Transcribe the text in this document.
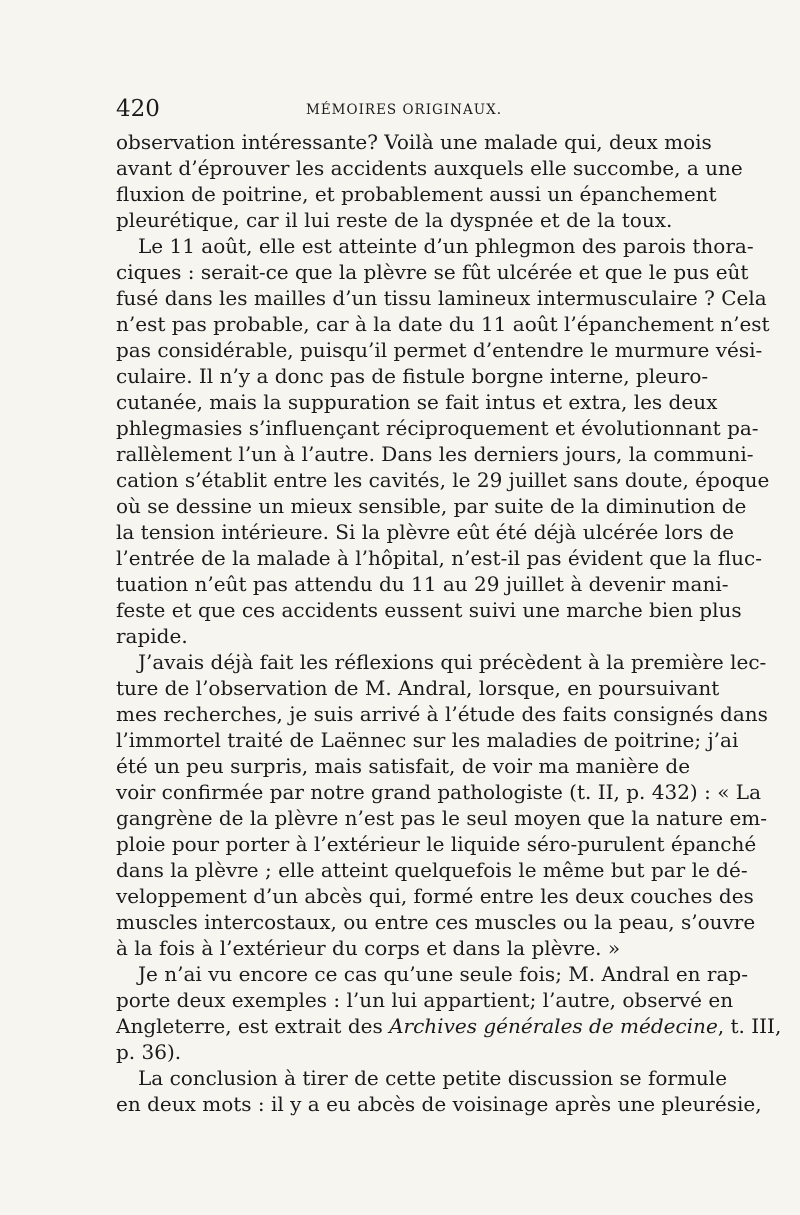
420	MÉMOIRES ORIGINAUX.
observation intéressante? Voilà une malade qui, deux mois
avant d’éprouver les accidents auxquels elle succombe, a une
fluxion de poitrine, et probablement aussi un épanchement
pleurétique, car il lui reste de la dyspnée et de la toux.
Le 11 août, elle est atteinte d’un phlegmon des parois thora-
ciques : serait-ce que la plèvre se fût ulcérée et que le pus eût
fusé dans les mailles d’un tissu lamineux intermusculaire ? Cela
n’est pas probable, car à la date du 11 août l’épanchement n’est
pas considérable, puisqu’il permet d’entendre le murmure vési-
culaire. Il n’y a donc pas de fistule borgne interne, pleuro-
cutanée, mais la suppuration se fait intus et extra, les deux
phlegmasies s’influençant réciproquement et évolutionnant pa-
rallèlement l’un à l’autre. Dans les derniers jours, la communi-
cation s’établit entre les cavités, le 29 juillet sans doute, époque
où se dessine un mieux sensible, par suite de la diminution de
la tension intérieure. Si la plèvre eût été déjà ulcérée lors de
l’entrée de la malade à l’hôpital, n’est-il pas évident que la fluc-
tuation n’eût pas attendu du 11 au 29 juillet à devenir mani-
feste et que ces accidents eussent suivi une marche bien plus
rapide.
J’avais déjà fait les réflexions qui précèdent à la première lec-
ture de l’observation de M. Andral, lorsque, en poursuivant
mes recherches, je suis arrivé à l’étude des faits consignés dans
l’immortel traité de Laënnec sur les maladies de poitrine; j’ai
été un peu surpris, mais satisfait, de voir ma manière de
voir confirmée par notre grand pathologiste (t. II, p. 432) : « La
gangrène de la plèvre n’est pas le seul moyen que la nature em-
ploie pour porter à l’extérieur le liquide séro-purulent épanché
dans la plèvre ; elle atteint quelquefois le même but par le dé-
veloppement d’un abcès qui, formé entre les deux couches des
muscles intercostaux, ou entre ces muscles ou la peau, s’ouvre
à la fois à l’extérieur du corps et dans la plèvre. »
Je n’ai vu encore ce cas qu’une seule fois; M. Andral en rap-
porte deux exemples : l’un lui appartient; l’autre, observé en
Angleterre, est extrait des Archives générales de médecine, t. III,
p. 36).
La conclusion à tirer de cette petite discussion se formule
en deux mots : il y a eu abcès de voisinage après une pleurésie,
